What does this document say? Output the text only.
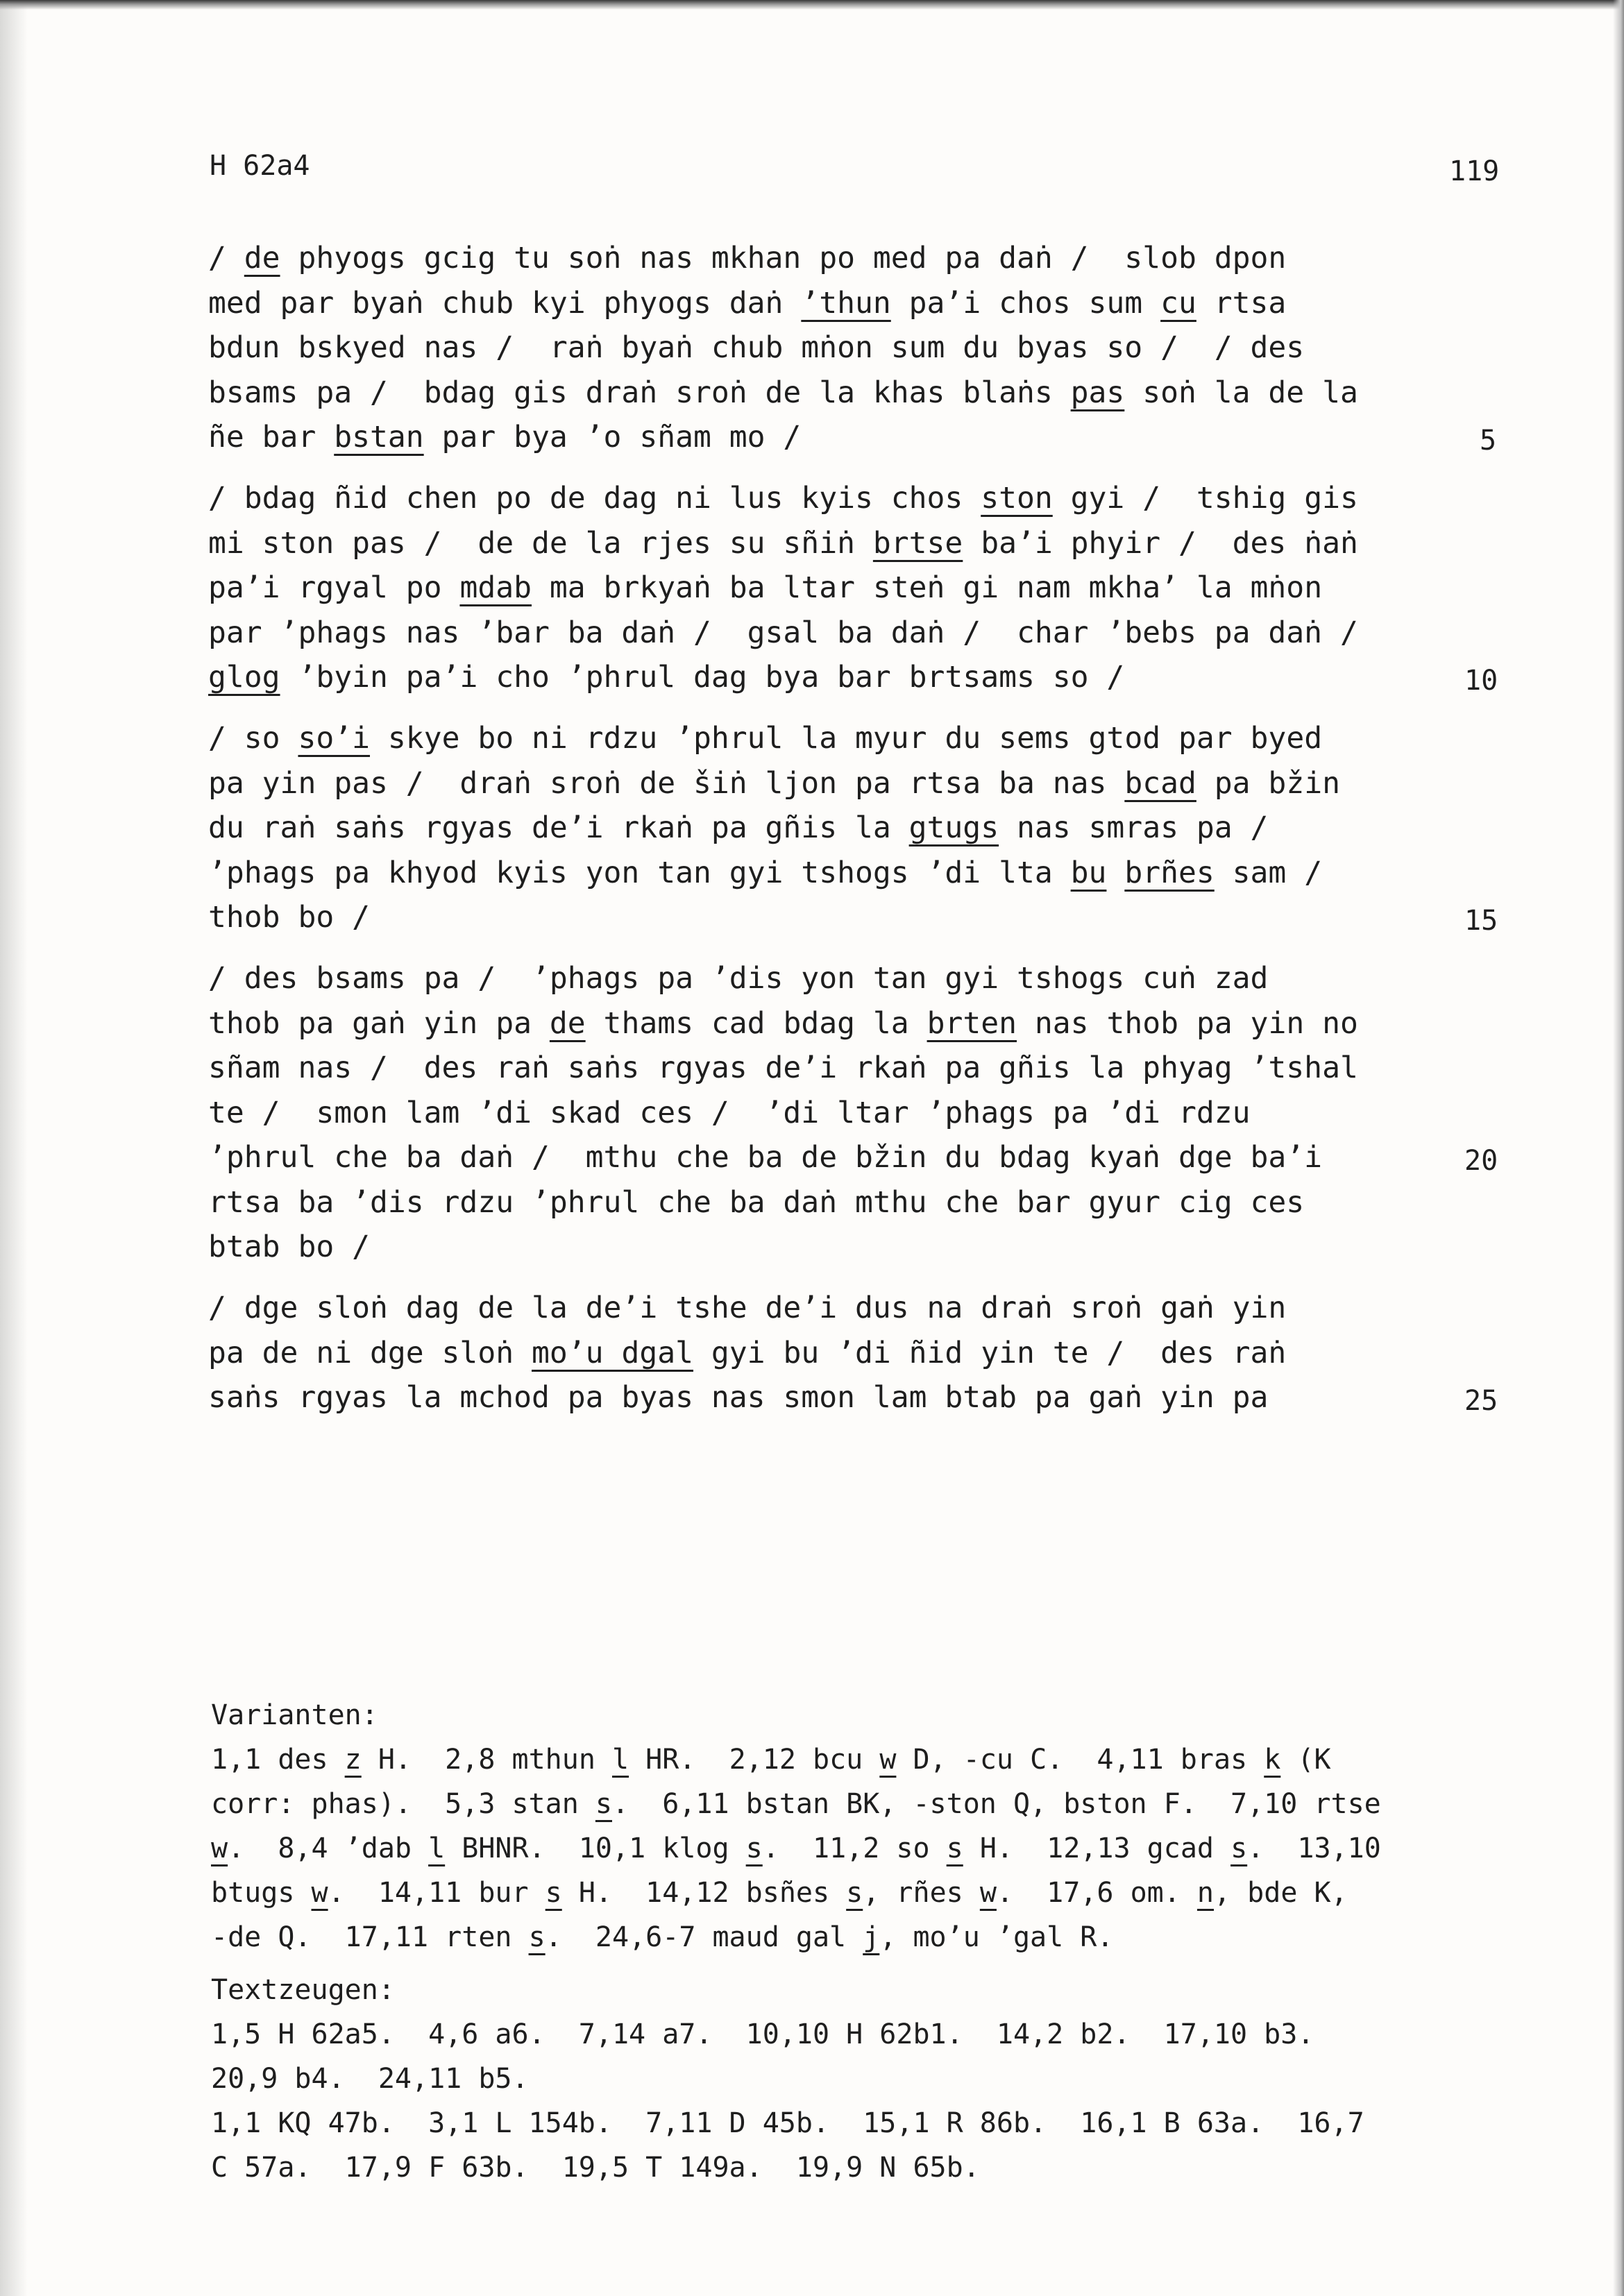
H 62a4	119
/ de phyogs gcig tu soṅ nas mkhan po med pa daṅ /  slob dpon
med par byaṅ chub kyi phyogs daṅ ’thun pa’i chos sum cu rtsa
bdun bskyed nas /  raṅ byaṅ chub mṅon sum du byas so /  / des
bsams pa /  bdag gis draṅ sroṅ de la khas blaṅs pas soṅ la de la
ñe bar bstan par bya ’o sñam mo /
/ bdag ñid chen po de dag ni lus kyis chos ston gyi /  tshig gis
mi ston pas /  de de la rjes su sñiṅ brtse ba’i phyir /  des ṅaṅ
pa’i rgyal po mdab ma brkyaṅ ba ltar steṅ gi nam mkha’ la mṅon
par ’phags nas ’bar ba daṅ /  gsal ba daṅ /  char ’bebs pa daṅ /
glog ’byin pa’i cho ’phrul dag bya bar brtsams so /
/ so so’i skye bo ni rdzu ’phrul la myur du sems gtod par byed
pa yin pas /  draṅ sroṅ de šiṅ ljon pa rtsa ba nas bcad pa bžin
du raṅ saṅs rgyas de’i rkaṅ pa gñis la gtugs nas smras pa /
’phags pa khyod kyis yon tan gyi tshogs ’di lta bu brñes sam /
thob bo /
/ des bsams pa /  ’phags pa ’dis yon tan gyi tshogs cuṅ zad
thob pa gaṅ yin pa de thams cad bdag la brten nas thob pa yin no
sñam nas /  des raṅ saṅs rgyas de’i rkaṅ pa gñis la phyag ’tshal
te /  smon lam ’di skad ces /  ’di ltar ’phags pa ’di rdzu
’phrul che ba daṅ /  mthu che ba de bžin du bdag kyaṅ dge ba’i
rtsa ba ’dis rdzu ’phrul che ba daṅ mthu che bar gyur cig ces
btab bo /
/ dge sloṅ dag de la de’i tshe de’i dus na draṅ sroṅ gaṅ yin
pa de ni dge sloṅ mo’u dgal gyi bu ’di ñid yin te /  des raṅ
saṅs rgyas la mchod pa byas nas smon lam btab pa gaṅ yin pa
5
10
15
20
25
Varianten:
1,1 des z H.  2,8 mthun l HR.  2,12 bcu w D, -cu C.  4,11 bras k (K
corr: phas).  5,3 stan s.  6,11 bstan BK, -ston Q, bston F.  7,10 rtse
w.  8,4 ’dab l BHNR.  10,1 klog s.  11,2 so s H.  12,13 gcad s.  13,10
btugs w.  14,11 bur s H.  14,12 bsñes s, rñes w.  17,6 om. n, bde K,
-de Q.  17,11 rten s.  24,6-7 maud gal j, mo’u ’gal R.
Textzeugen:
1,5 H 62a5.  4,6 a6.  7,14 a7.  10,10 H 62b1.  14,2 b2.  17,10 b3.
20,9 b4.  24,11 b5.
1,1 KQ 47b.  3,1 L 154b.  7,11 D 45b.  15,1 R 86b.  16,1 B 63a.  16,7
C 57a.  17,9 F 63b.  19,5 T 149a.  19,9 N 65b.
